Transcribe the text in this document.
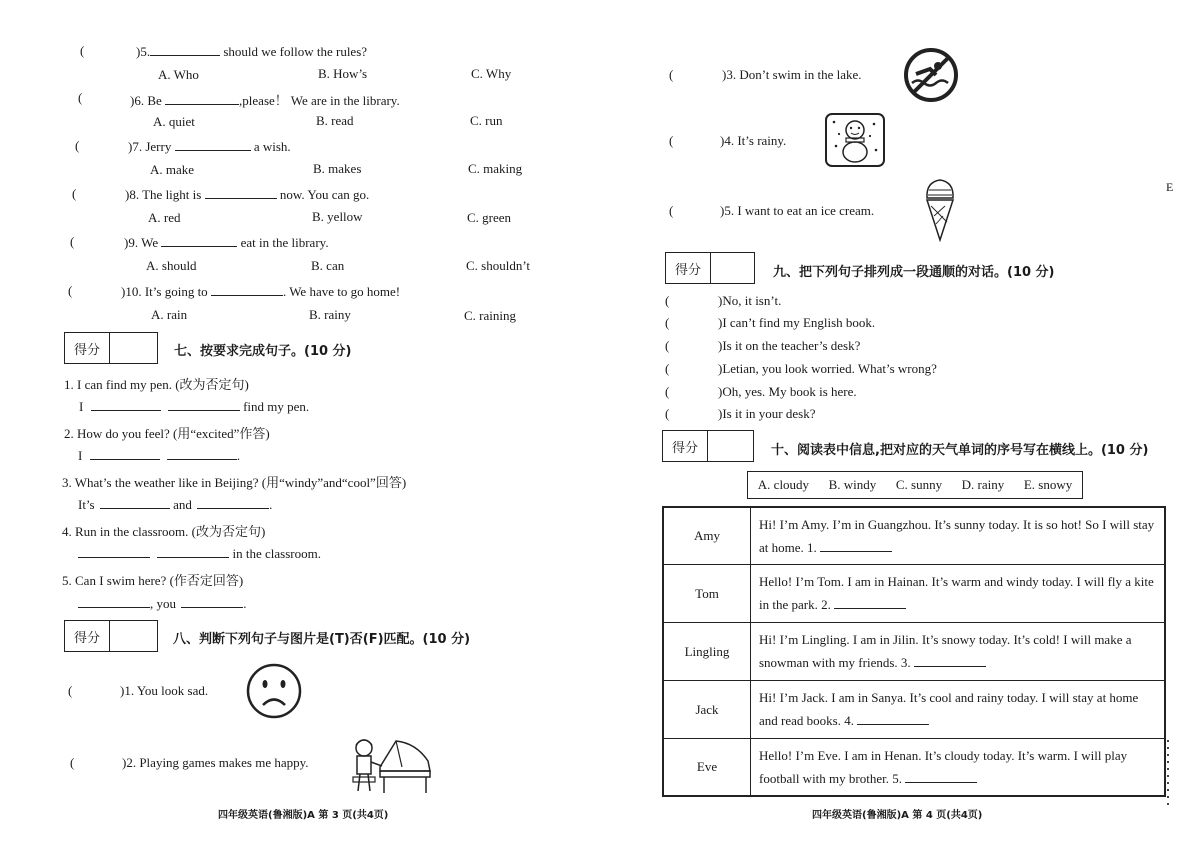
(	)5.	should we follow the rules?
A. Who	B. How’s	C. Why
(	)6. Be	,please！ We are in the library.
A. quiet	B. read	C. run
(	)7. Jerry	a wish.
A. make	B. makes	C. making
(	)8. The light is	now. You can go.
A. red	B. yellow	C. green
(	)9. We	eat in the library.
A. should	B. can	C. shouldn’t
(	)10. It’s going to	. We have to go home!
A. rain	B. rainy	C. raining
得分	七、按要求完成句子。(10 分)
1. I can find my pen. (改为否定句)
I	find my pen.
2. How do you feel? (用“excited”作答)
I	.
3. What’s the weather like in Beijing? (用“windy”and“cool”回答)
It’s	and	.
4. Run in the classroom. (改为否定句)
in the classroom.
5. Can I swim here? (作否定回答)
, you	.
得分	八、判断下列句子与图片是(T)否(F)匹配。(10 分)
(	)1. You look sad.
(	)2. Playing games makes me happy.
四年级英语(鲁湘版)A 第 3 页(共4页)
(	)3. Don’t swim in the lake.
(	)4. It’s rainy.
(	)5. I want to eat an ice cream.
E
得分	九、把下列句子排列成一段通顺的对话。(10 分)
(	)No, it isn’t.
(	)I can’t find my English book.
(	)Is it on the teacher’s desk?
(	)Letian, you look worried. What’s wrong?
(	)Oh, yes. My book is here.
(	)Is it in your desk?
得分	十、阅读表中信息,把对应的天气单词的序号写在横线上。(10 分)
A. cloudy B. windy C. sunny D. rainy E. snowy
Amy	Hi! I’m Amy. I’m in Guangzhou. It’s sunny today. It is so hot! So I will stay at home. 1.
Tom	Hello! I’m Tom. I am in Hainan. It’s warm and windy today. I will fly a kite in the park. 2.
Lingling	Hi! I’m Lingling. I am in Jilin. It’s snowy today. It’s cold! I will make a snowman with my friends. 3.
Jack	Hi! I’m Jack. I am in Sanya. It’s cool and rainy today. I will stay at home and read books. 4.
Eve	Hello! I’m Eve. I am in Henan. It’s cloudy today. It’s warm. I will play football with my brother. 5.
四年级英语(鲁湘版)A 第 4 页(共4页)
